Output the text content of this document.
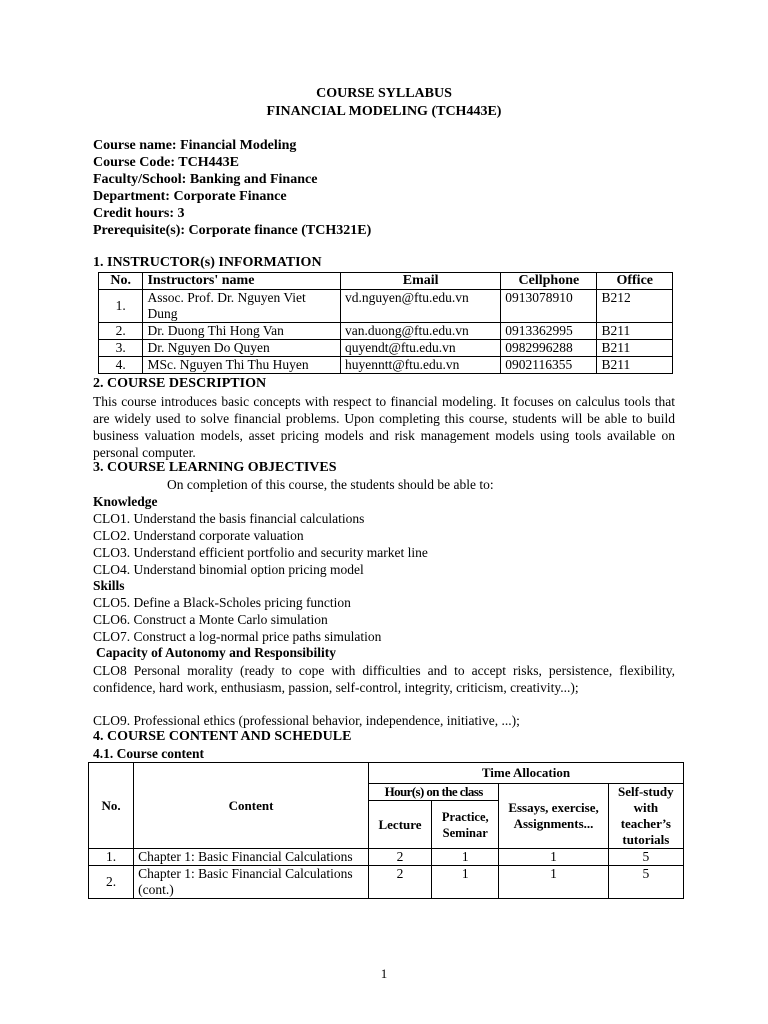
COURSE SYLLABUS
FINANCIAL MODELING (TCH443E)
Course name: Financial Modeling
Course Code: TCH443E
Faculty/School: Banking and Finance
Department: Corporate Finance
Credit hours: 3
Prerequisite(s): Corporate finance (TCH321E)
1. INSTRUCTOR(s) INFORMATION
No.	Instructors' name	Email	Cellphone	Office
1.	Assoc. Prof. Dr. Nguyen Viet Dung	vd.nguyen@ftu.edu.vn	0913078910	B212
2.	Dr. Duong Thi Hong Van	van.duong@ftu.edu.vn	0913362995	B211
3.	Dr. Nguyen Do Quyen	quyendt@ftu.edu.vn	0982996288	B211
4.	MSc. Nguyen Thi Thu Huyen	huyenntt@ftu.edu.vn	0902116355	B211
2. COURSE DESCRIPTION
This course introduces basic concepts with respect to financial modeling. It focuses on calculus tools that are widely used to solve financial problems. Upon completing this course, students will be able to build business valuation models, asset pricing models and risk management models using tools available on personal computer.
3. COURSE LEARNING OBJECTIVES
On completion of this course, the students should be able to:
Knowledge
CLO1. Understand the basis financial calculations
CLO2. Understand corporate valuation
CLO3. Understand efficient portfolio and security market line
CLO4. Understand binomial option pricing model
Skills
CLO5. Define a Black-Scholes pricing function
CLO6. Construct a Monte Carlo simulation
CLO7. Construct a log-normal price paths simulation
Capacity of Autonomy and Responsibility
CLO8 Personal morality (ready to cope with difficulties and to accept risks, persistence, flexibility, confidence, hard work, enthusiasm, passion, self-control, integrity, criticism, creativity...);
CLO9. Professional ethics (professional behavior, independence, initiative, ...);
4. COURSE CONTENT AND SCHEDULE
4.1. Course content
No.	Content	Time Allocation			
		Hour(s) on the class		Essays, exercise, Assignments...	Self-study with teacher’s tutorials
		Lecture	Practice, Seminar		
1.	Chapter 1: Basic Financial Calculations	2	1	1	5
2.	Chapter 1: Basic Financial Calculations (cont.)	2	1	1	5
1
